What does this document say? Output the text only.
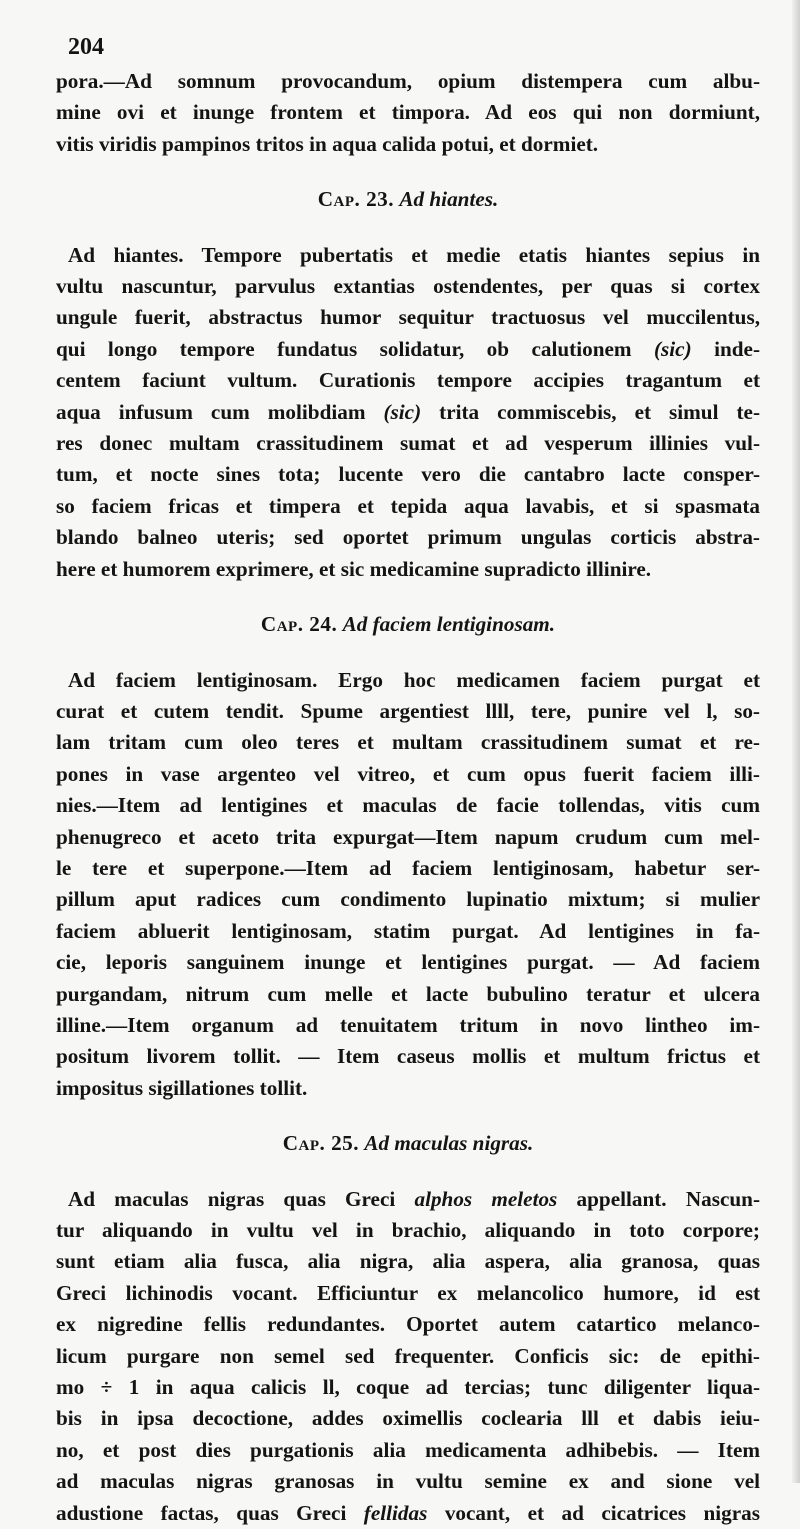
204
pora.—Ad somnum provocandum, opium distempera cum albu-
mine ovi et inunge frontem et timpora. Ad eos qui non dormiunt,
vitis viridis pampinos tritos in aqua calida potui, et dormiet.
Cap. 23. Ad hiantes.
Ad hiantes. Tempore pubertatis et medie etatis hiantes sepius in
vultu nascuntur, parvulus extantias ostendentes, per quas si cortex
ungule fuerit, abstractus humor sequitur tractuosus vel muccilentus,
qui longo tempore fundatus solidatur, ob calutionem (sic) inde-
centem faciunt vultum. Curationis tempore accipies tragantum et
aqua infusum cum molibdiam (sic) trita commiscebis, et simul te-
res donec multam crassitudinem sumat et ad vesperum illinies vul-
tum, et nocte sines tota; lucente vero die cantabro lacte consper-
so faciem fricas et timpera et tepida aqua lavabis, et si spasmata
blando balneo uteris; sed oportet primum ungulas corticis abstra-
here et humorem exprimere, et sic medicamine supradicto illinire.
Cap. 24. Ad faciem lentiginosam.
Ad faciem lentiginosam. Ergo hoc medicamen faciem purgat et
curat et cutem tendit. Spume argentiest llll, tere, punire vel l, so-
lam tritam cum oleo teres et multam crassitudinem sumat et re-
pones in vase argenteo vel vitreo, et cum opus fuerit faciem illi-
nies.—Item ad lentigines et maculas de facie tollendas, vitis cum
phenugreco et aceto trita expurgat—Item napum crudum cum mel-
le tere et superpone.—Item ad faciem lentiginosam, habetur ser-
pillum aput radices cum condimento lupinatio mixtum; si mulier
faciem abluerit lentiginosam, statim purgat. Ad lentigines in fa-
cie, leporis sanguinem inunge et lentigines purgat. — Ad faciem
purgandam, nitrum cum melle et lacte bubulino teratur et ulcera
illine.—Item organum ad tenuitatem tritum in novo lintheo im-
positum livorem tollit. — Item caseus mollis et multum frictus et
impositus sigillationes tollit.
Cap. 25. Ad maculas nigras.
Ad maculas nigras quas Greci alphos meletos appellant. Nascun-
tur aliquando in vultu vel in brachio, aliquando in toto corpore;
sunt etiam alia fusca, alia nigra, alia aspera, alia granosa, quas
Greci lichinodis vocant. Efficiuntur ex melancolico humore, id est
ex nigredine fellis redundantes. Oportet autem catartico melanco-
licum purgare non semel sed frequenter. Conficis sic: de epithi-
mo ÷ 1 in aqua calicis ll, coque ad tercias; tunc diligenter liqua-
bis in ipsa decoctione, addes oximellis coclearia lll et dabis ieiu-
no, et post dies purgationis alia medicamenta adhibebis. — Item
ad maculas nigras granosas in vultu semine ex and sione vel
adustione factas, quas Greci fellidas vocant, et ad cicatrices nigras
